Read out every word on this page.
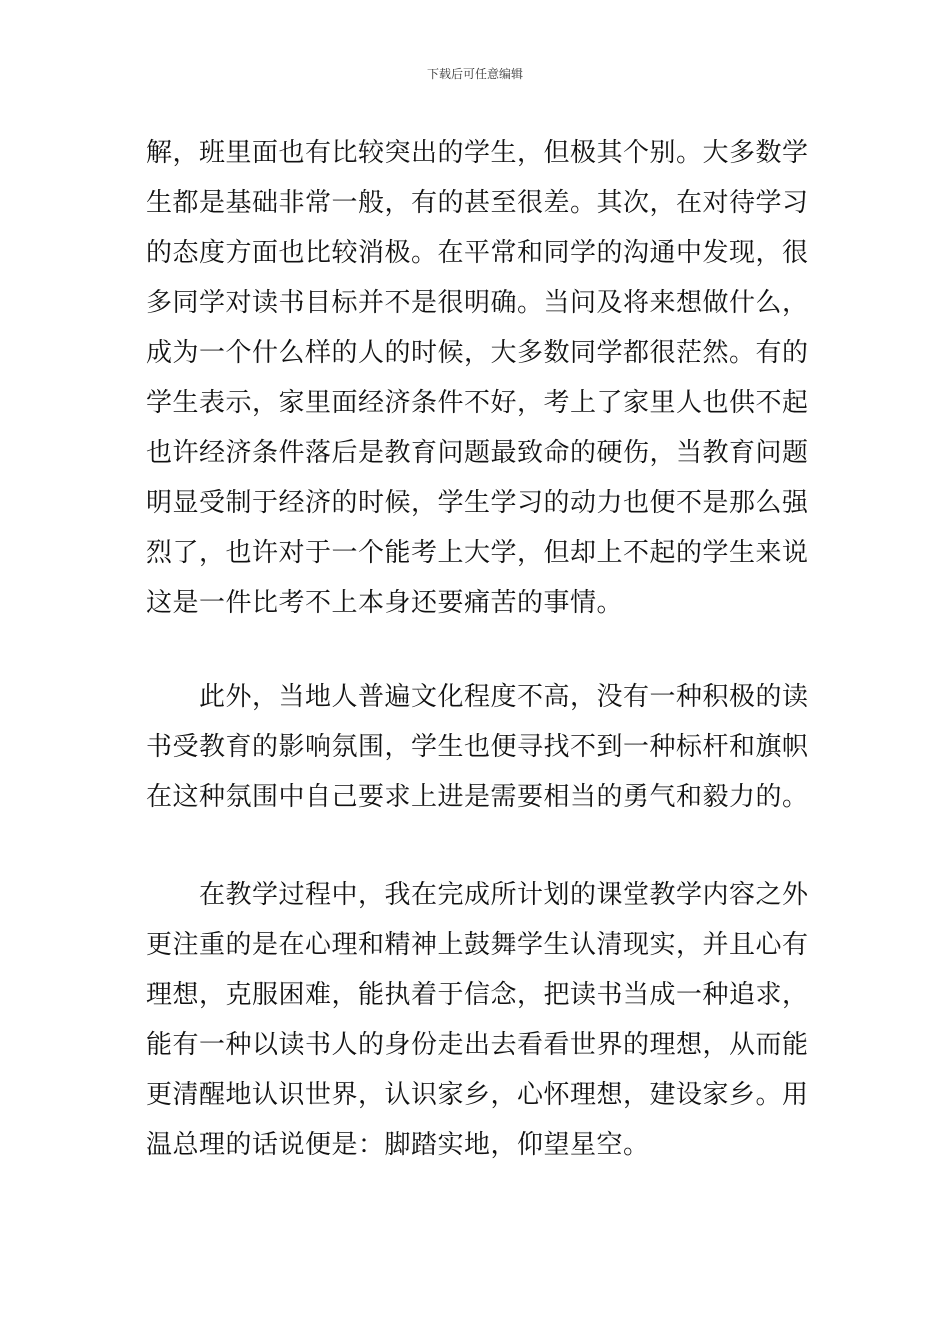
下载后可任意编辑
解，班里面也有比较突出的学生，但极其个别。大多数学
生都是基础非常一般，有的甚至很差。其次，在对待学习
的态度方面也比较消极。在平常和同学的沟通中发现，很
多同学对读书目标并不是很明确。当问及将来想做什么，
成为一个什么样的人的时候，大多数同学都很茫然。有的
学生表示，家里面经济条件不好，考上了家里人也供不起
也许经济条件落后是教育问题最致命的硬伤，当教育问题
明显受制于经济的时候，学生学习的动力也便不是那么强
烈了，也许对于一个能考上大学，但却上不起的学生来说
这是一件比考不上本身还要痛苦的事情。
　　此外，当地人普遍文化程度不高，没有一种积极的读
书受教育的影响氛围，学生也便寻找不到一种标杆和旗帜
在这种氛围中自己要求上进是需要相当的勇气和毅力的。
　　在教学过程中，我在完成所计划的课堂教学内容之外
更注重的是在心理和精神上鼓舞学生认清现实，并且心有
理想，克服困难，能执着于信念，把读书当成一种追求，
能有一种以读书人的身份走出去看看世界的理想，从而能
更清醒地认识世界，认识家乡，心怀理想，建设家乡。用
温总理的话说便是：脚踏实地，仰望星空。
